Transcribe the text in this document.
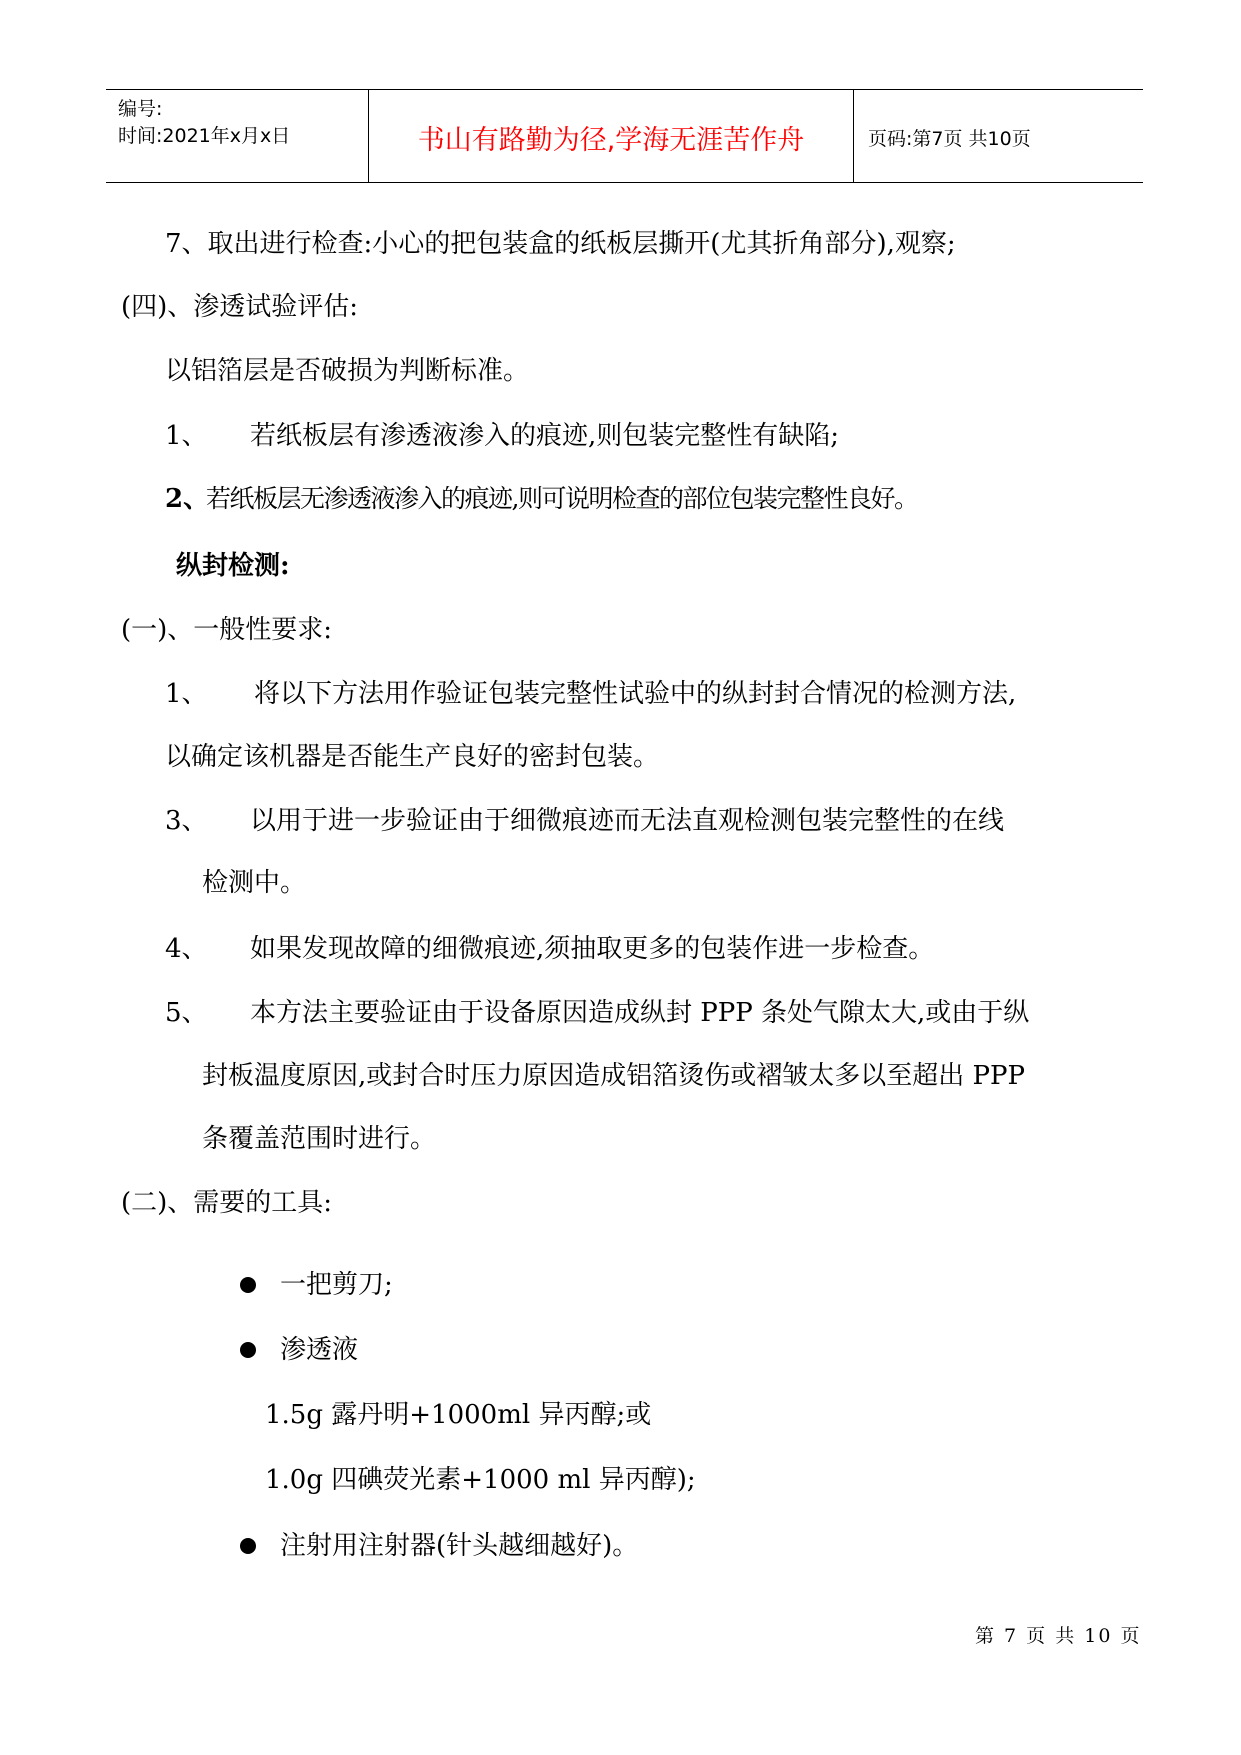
编号:
时间:2021年x月x日	书山有路勤为径,学海无涯苦作舟	页码:第7页 共10页
7、取出进行检查:小心的把包装盒的纸板层撕开(尤其折角部分),观察;
(四)、渗透试验评估:
以铝箔层是否破损为判断标准。
1、 若纸板层有渗透液渗入的痕迹,则包装完整性有缺陷;
2、
若纸板层无渗透液渗入的痕迹,则可说明检查的部位包装完整性良好。
纵封检测:
(一)、一般性要求:
1、 将以下方法用作验证包装完整性试验中的纵封封合情况的检测方法,
以确定该机器是否能生产良好的密封包装。
3、 以用于进一步验证由于细微痕迹而无法直观检测包装完整性的在线
检测中。
4、 如果发现故障的细微痕迹,须抽取更多的包装作进一步检查。
5、 本方法主要验证由于设备原因造成纵封 PPP 条处气隙太大,或由于纵
封板温度原因,或封合时压力原因造成铝箔烫伤或褶皱太多以至超出 PPP
条覆盖范围时进行。
(二)、需要的工具:
一把剪刀;
渗透液
1.5g 露丹明+1000ml 异丙醇;或
1.0g 四碘荧光素+1000 ml 异丙醇);
注射用注射器(针头越细越好)。
第 7 页 共 10 页
